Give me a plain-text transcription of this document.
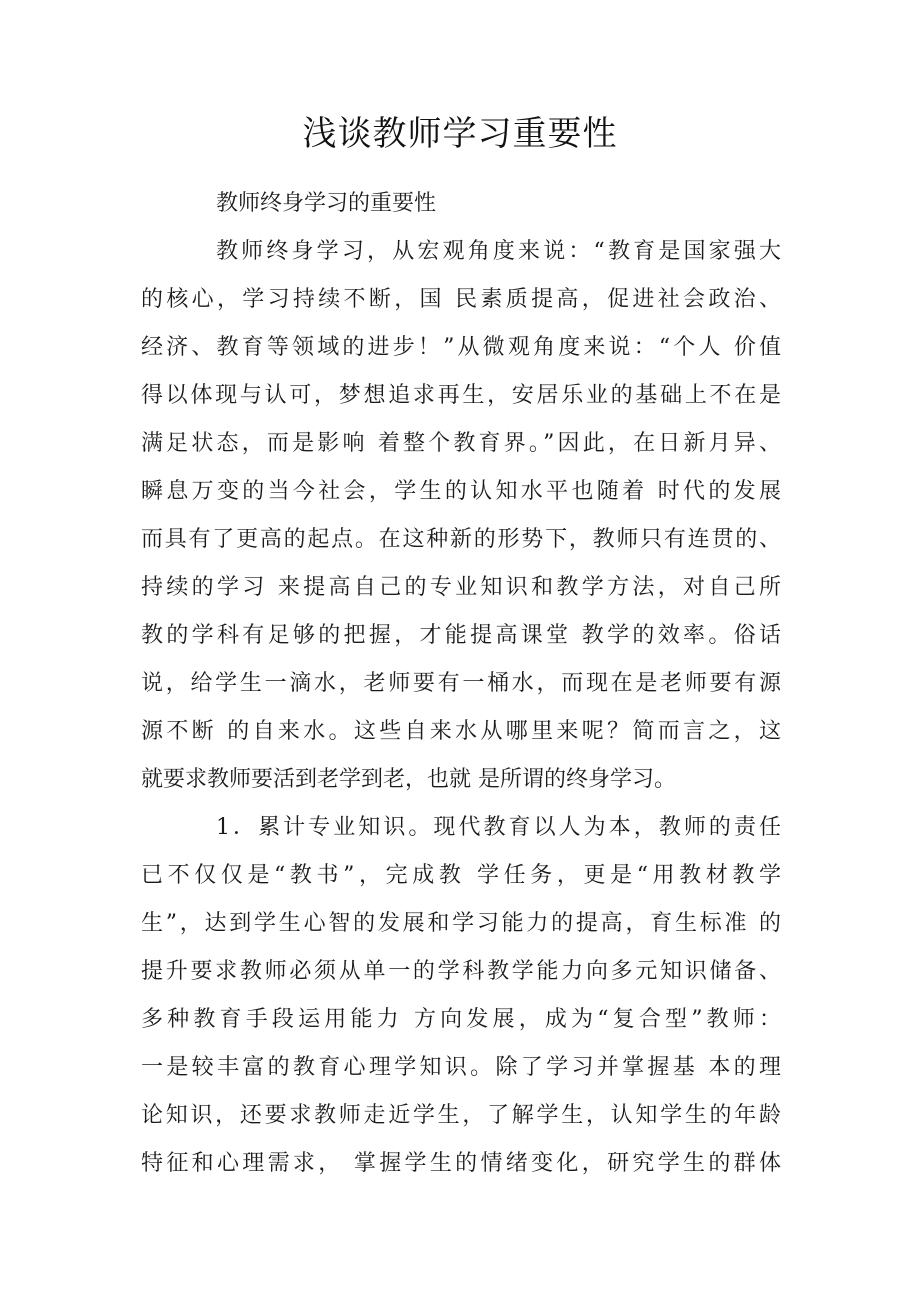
浅谈教师学习重要性
教师终身学习的重要性
教师终身学习，从宏观角度来说：“教育是国家强大
的核心，学习持续不断，国 民素质提高，促进社会政治、
经济、教育等领域的进步！”从微观角度来说：“个人 价值
得以体现与认可，梦想追求再生，安居乐业的基础上不在是
满足状态，而是影响 着整个教育界。”因此，在日新月异、
瞬息万变的当今社会，学生的认知水平也随着 时代的发展
而具有了更高的起点。在这种新的形势下，教师只有连贯的、
持续的学习 来提高自己的专业知识和教学方法，对自己所
教的学科有足够的把握，才能提高课堂 教学的效率。俗话
说，给学生一滴水，老师要有一桶水，而现在是老师要有源
源不断 的自来水。这些自来水从哪里来呢？简而言之，这
就要求教师要活到老学到老，也就 是所谓的终身学习。
1．累计专业知识。现代教育以人为本，教师的责任
已不仅仅是“教书”，完成教 学任务，更是“用教材教学
生”，达到学生心智的发展和学习能力的提高，育生标准 的
提升要求教师必须从单一的学科教学能力向多元知识储备、
多种教育手段运用能力 方向发展，成为“复合型”教师：
一是较丰富的教育心理学知识。除了学习并掌握基 本的理
论知识，还要求教师走近学生，了解学生，认知学生的年龄
特征和心理需求， 掌握学生的情绪变化，研究学生的群体
